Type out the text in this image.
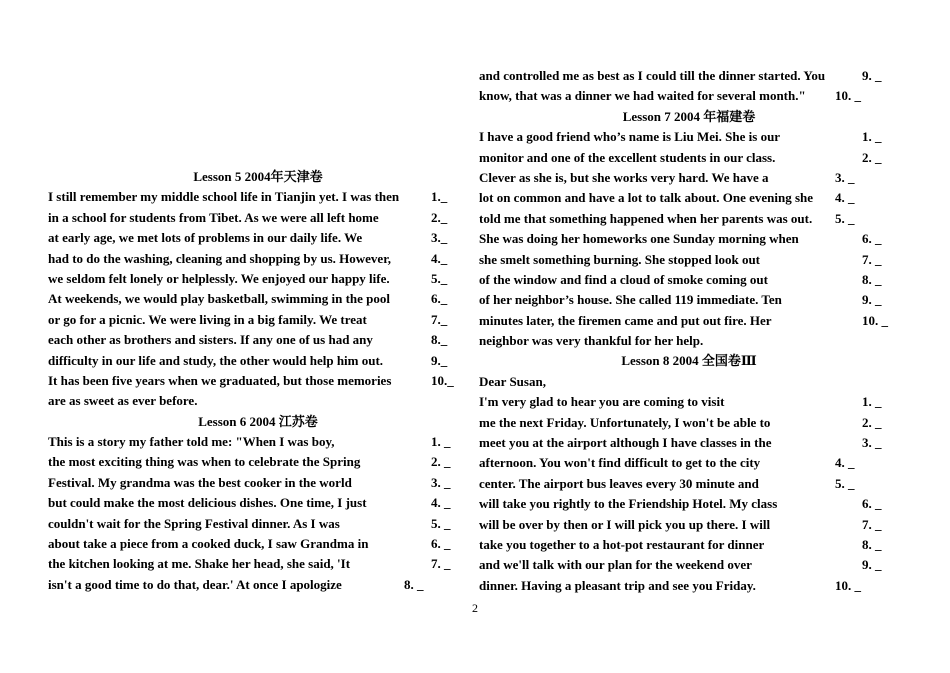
Lesson 5 2004年天津卷
I still remember my middle school life in Tianjin yet. I was then 1._
in a school for students from Tibet. As we were all left home	2._
at early age, we met lots of problems in our daily life. We	3._
had to do the washing, cleaning and shopping by us. However,	4._
we seldom felt lonely or helplessly. We enjoyed our happy life.	5._
At weekends, we would play basketball, swimming in the pool	6._
or go for a picnic. We were living in a big family. We treat	7._
each other as brothers and sisters. If any one of us had any	8._
difficulty in our life and study, the other would help him out.	9._
It has been five years when we graduated, but those memories	10._
are as sweet as ever before.
Lesson 6 2004 江苏卷
This is a story my father told me: "When I was boy,	1. _
the most exciting thing was when to celebrate the Spring	2. _
Festival. My grandma was the best cooker in the world	3. _
but could make the most delicious dishes. One time, I just	4. _
couldn't wait for the Spring Festival dinner. As I was	5. _
about take a piece from a cooked duck, I saw Grandma in	6. _
the kitchen looking at me. Shake her head, she said, 'It	7. _
isn't a good time to do that, dear.' At once I apologize	8. _
and controlled me as best as I could till the dinner started. You	9. _
know, that was a dinner we had waited for several month." 10. _
Lesson 7 2004 年福建卷
I have a good friend who’s name is Liu Mei. She is our	1. _
monitor and one of the excellent students in our class.	2. _
Clever as she is, but she works very hard. We have a	3. _
lot on common and have a lot to talk about. One evening she 4. _
told me that something happened when her parents was out. 5. _
She was doing her homeworks one Sunday morning when	6. _
she smelt something burning. She stopped look out	7. _
of the window and find a cloud of smoke coming out	8. _
of her neighbor’s house. She called 119 immediate. Ten	9. _
minutes later, the firemen came and put out fire. Her	10. _
neighbor was very thankful for her help.
Lesson 8 2004 全国卷Ⅲ
Dear Susan,
I'm very glad to hear you are coming to visit	1. _
me the next Friday. Unfortunately, I won't be able to	2. _
meet you at the airport although I have classes in the	3. _
afternoon. You won't find difficult to get to the city	4. _
center. The airport bus leaves every 30 minute and	5. _
will take you rightly to the Friendship Hotel. My class	6. _
will be over by then or I will pick you up there. I will	7. _
take you together to a hot-pot restaurant for dinner	8. _
and we'll talk with our plan for the weekend over	9. _
dinner. Having a pleasant trip and see you Friday.	10. _
2
